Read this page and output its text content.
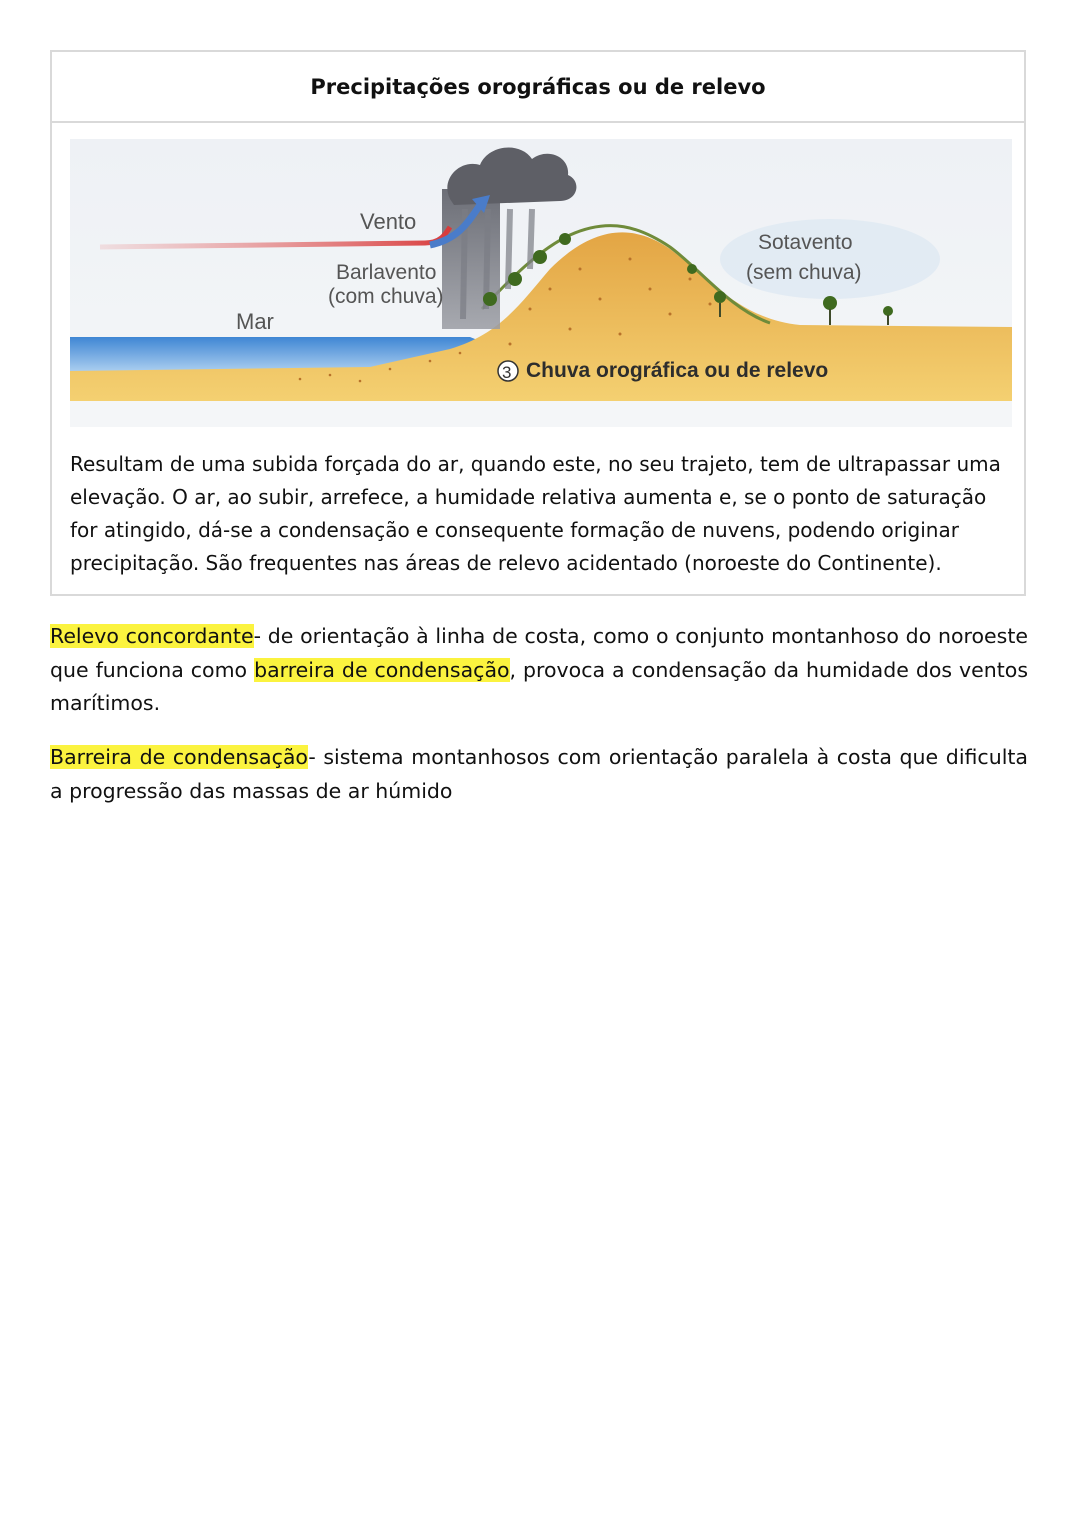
Precipitações orográficas ou de relevo
Vento
Barlavento
(com chuva)
Mar
Sotavento
(sem chuva)
3 Chuva orográfica ou de relevo

Resultam de uma subida forçada do ar, quando este, no seu trajeto, tem de ultrapassar uma elevação. O ar, ao subir, arrefece, a humidade relativa aumenta e, se o ponto de saturação for atingido, dá-se a condensação e consequente formação de nuvens, podendo originar precipitação. São frequentes nas áreas de relevo acidentado (noroeste do Continente).

Relevo concordante- de orientação à linha de costa, como o conjunto montanhoso do noroeste que funciona como barreira de condensação, provoca a condensação da humidade dos ventos marítimos.

Barreira de condensação- sistema montanhosos com orientação paralela à costa que dificulta a progressão das massas de ar húmido
